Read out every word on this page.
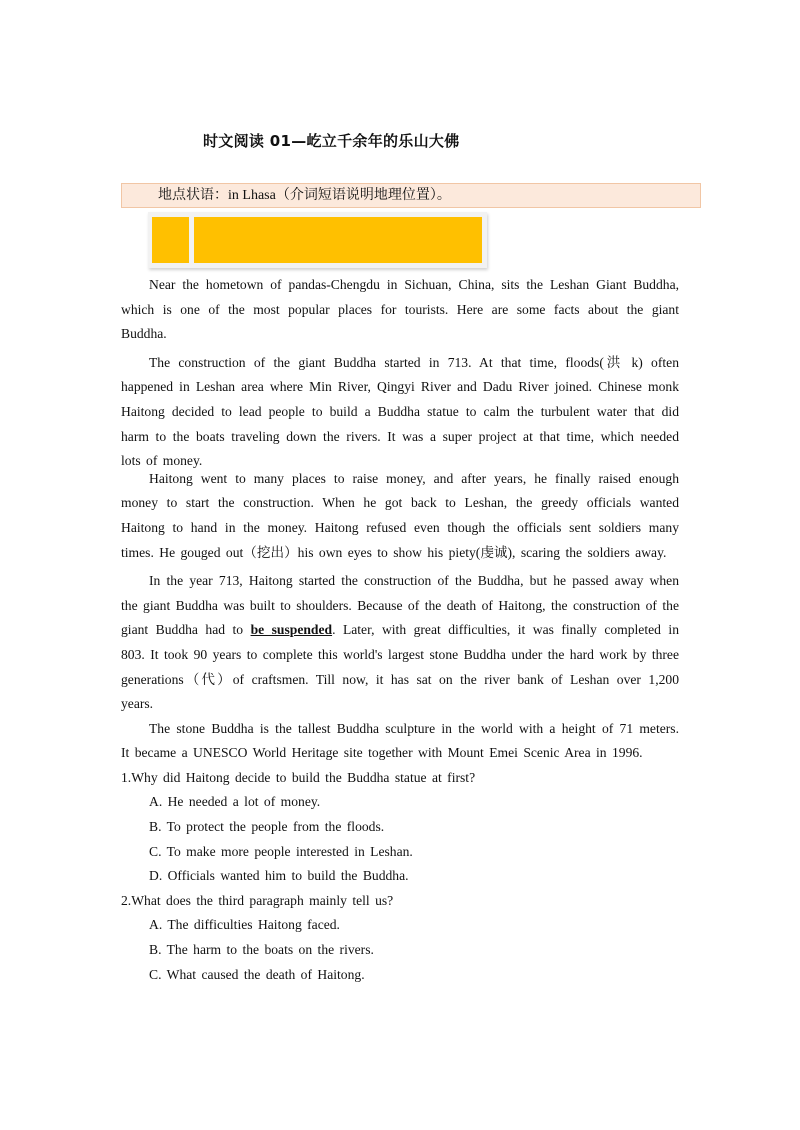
时文阅读 01—屹立千余年的乐山大佛
地点状语：in Lhasa（介词短语说明地理位置）。

Near the hometown of pandas-Chengdu in Sichuan, China, sits the Leshan Giant Buddha, which is one of the most popular places for tourists. Here are some facts about the giant Buddha.

The construction of the giant Buddha started in 713. At that time, floods(洪 k) often happened in Leshan area where Min River, Qingyi River and Dadu River joined. Chinese monk Haitong decided to lead people to build a Buddha statue to calm the turbulent water that did harm to the boats traveling down the rivers. It was a super project at that time, which needed lots of money.

Haitong went to many places to raise money, and after years, he finally raised enough money to start the construction. When he got back to Leshan, the greedy officials wanted Haitong to hand in the money. Haitong refused even though the officials sent soldiers many times. He gouged out（挖出）his own eyes to show his piety(虔诚), scaring the soldiers away.

In the year 713, Haitong started the construction of the Buddha, but he passed away when the giant Buddha was built to shoulders. Because of the death of Haitong, the construction of the giant Buddha had to be suspended. Later, with great difficulties, it was finally completed in 803. It took 90 years to complete this world's largest stone Buddha under the hard work by three generations（代）of craftsmen. Till now, it has sat on the river bank of Leshan over 1,200 years.

The stone Buddha is the tallest Buddha sculpture in the world with a height of 71 meters. It became a UNESCO World Heritage site together with Mount Emei Scenic Area in 1996.

1.Why did Haitong decide to build the Buddha statue at first?

A. He needed a lot of money.

B. To protect the people from the floods.

C. To make more people interested in Leshan.

D. Officials wanted him to build the Buddha.

2.What does the third paragraph mainly tell us?

A. The difficulties Haitong faced.

B. The harm to the boats on the rivers.

C. What caused the death of Haitong.
